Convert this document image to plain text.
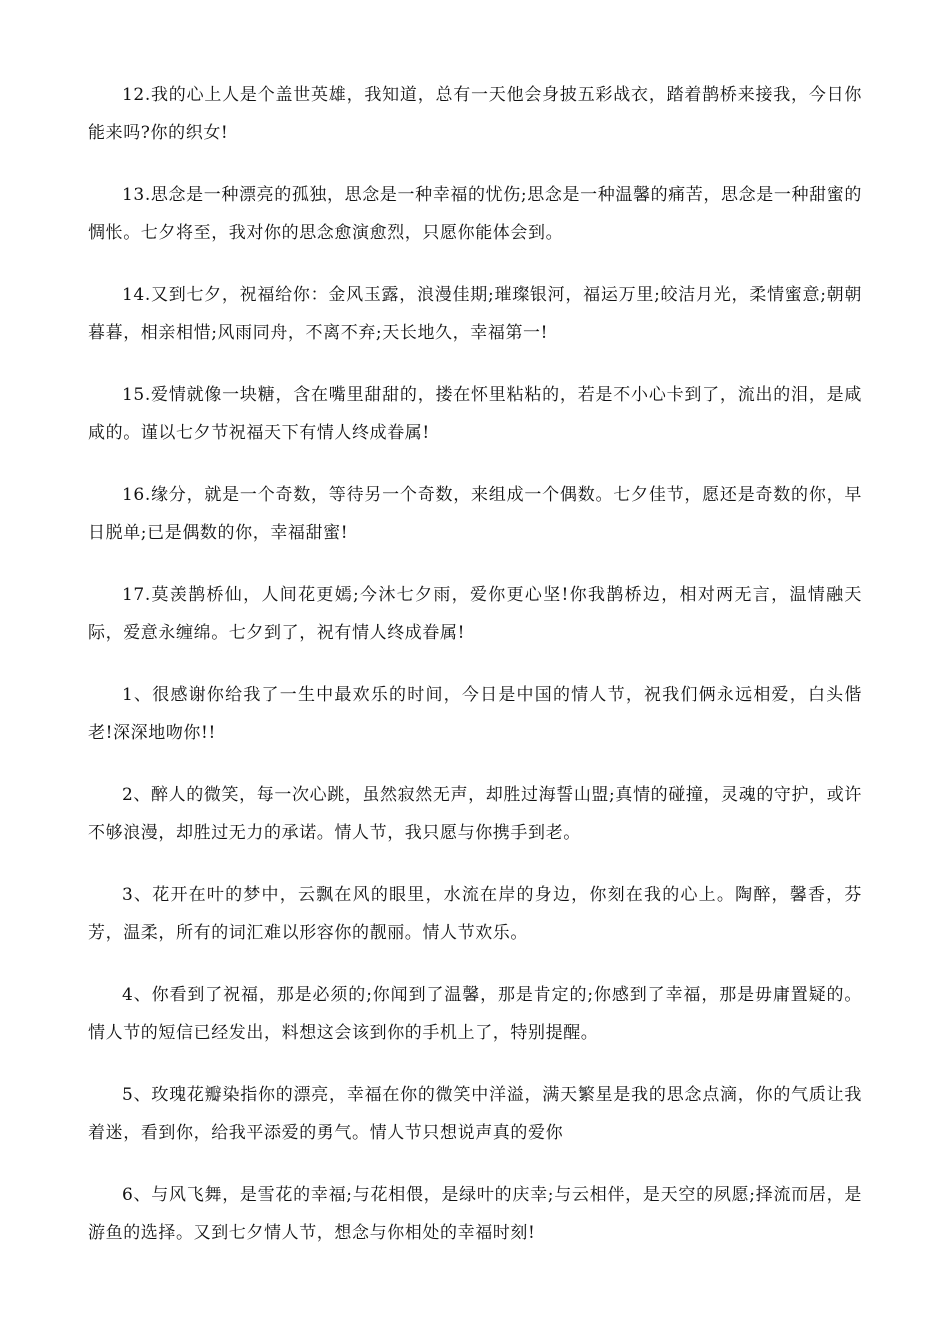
12.我的心上人是个盖世英雄，我知道，总有一天他会身披五彩战衣，踏着鹊桥来接我，今日你能来吗?你的织女!

13.思念是一种漂亮的孤独，思念是一种幸福的忧伤;思念是一种温馨的痛苦，思念是一种甜蜜的惆怅。七夕将至，我对你的思念愈演愈烈，只愿你能体会到。

14.又到七夕，祝福给你：金风玉露，浪漫佳期;璀璨银河，福运万里;皎洁月光，柔情蜜意;朝朝暮暮，相亲相惜;风雨同舟，不离不弃;天长地久，幸福第一!

15.爱情就像一块糖，含在嘴里甜甜的，搂在怀里粘粘的，若是不小心卡到了，流出的泪，是咸咸的。谨以七夕节祝福天下有情人终成眷属!

16.缘分，就是一个奇数，等待另一个奇数，来组成一个偶数。七夕佳节，愿还是奇数的你，早日脱单;已是偶数的你，幸福甜蜜!

17.莫羡鹊桥仙，人间花更嫣;今沐七夕雨，爱你更心坚!你我鹊桥边，相对两无言，温情融天际，爱意永缠绵。七夕到了，祝有情人终成眷属!

1、很感谢你给我了一生中最欢乐的时间，今日是中国的情人节，祝我们俩永远相爱，白头偕老!深深地吻你!!

2、醉人的微笑，每一次心跳，虽然寂然无声，却胜过海誓山盟;真情的碰撞，灵魂的守护，或许不够浪漫，却胜过无力的承诺。情人节，我只愿与你携手到老。

3、花开在叶的梦中，云飘在风的眼里，水流在岸的身边，你刻在我的心上。陶醉，馨香，芬芳，温柔，所有的词汇难以形容你的靓丽。情人节欢乐。

4、你看到了祝福，那是必须的;你闻到了温馨，那是肯定的;你感到了幸福，那是毋庸置疑的。情人节的短信已经发出，料想这会该到你的手机上了，特别提醒。

5、玫瑰花瓣染指你的漂亮，幸福在你的微笑中洋溢，满天繁星是我的思念点滴，你的气质让我着迷，看到你，给我平添爱的勇气。情人节只想说声真的爱你

6、与风飞舞，是雪花的幸福;与花相偎，是绿叶的庆幸;与云相伴，是天空的夙愿;择流而居，是游鱼的选择。又到七夕情人节，想念与你相处的幸福时刻!
